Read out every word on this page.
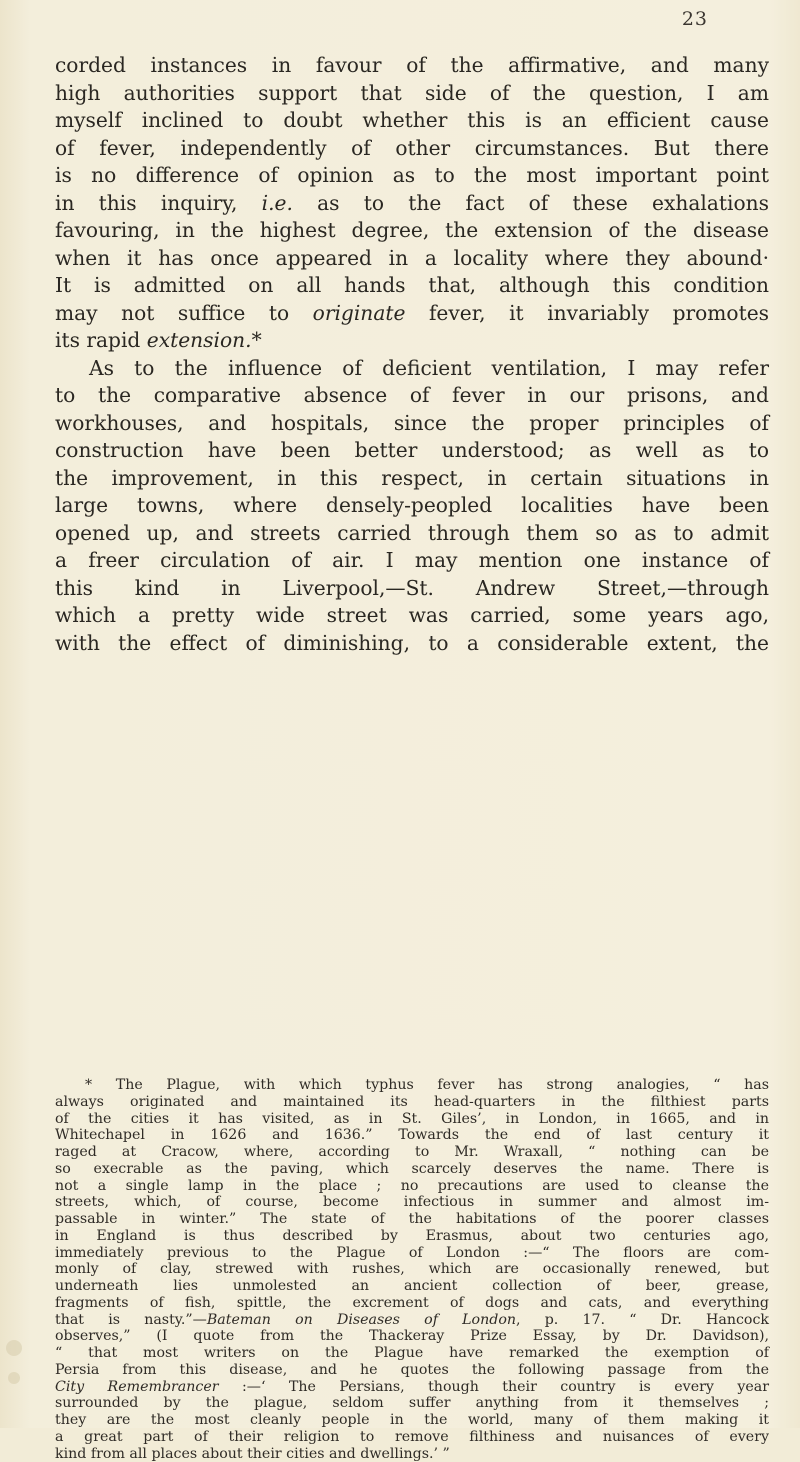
23
corded instances in favour of the affirmative, and many
high authorities support that side of the question, I am
myself inclined to doubt whether this is an efficient cause
of fever, independently of other circumstances. But there
is no difference of opinion as to the most important point
in this inquiry, i.e. as to the fact of these exhalations
favouring, in the highest degree, the extension of the disease
when it has once appeared in a locality where they abound·
It is admitted on all hands that, although this condition
may not suffice to originate fever, it invariably promotes
its rapid extension.*
As to the influence of deficient ventilation, I may refer
to the comparative absence of fever in our prisons, and
workhouses, and hospitals, since the proper principles of
construction have been better understood; as well as to
the improvement, in this respect, in certain situations in
large towns, where densely-peopled localities have been
opened up, and streets carried through them so as to admit
a freer circulation of air. I may mention one instance of
this kind in Liverpool,—St. Andrew Street,—through
which a pretty wide street was carried, some years ago,
with the effect of diminishing, to a considerable extent, the
* The Plague, with which typhus fever has strong analogies, “ has
always originated and maintained its head-quarters in the filthiest parts
of the cities it has visited, as in St. Giles’, in London, in 1665, and in
Whitechapel in 1626 and 1636.” Towards the end of last century it
raged at Cracow, where, according to Mr. Wraxall, “ nothing can be
so execrable as the paving, which scarcely deserves the name. There is
not a single lamp in the place ; no precautions are used to cleanse the
streets, which, of course, become infectious in summer and almost im-
passable in winter.” The state of the habitations of the poorer classes
in England is thus described by Erasmus, about two centuries ago,
immediately previous to the Plague of London :—“ The floors are com-
monly of clay, strewed with rushes, which are occasionally renewed, but
underneath lies unmolested an ancient collection of beer, grease,
fragments of fish, spittle, the excrement of dogs and cats, and everything
that is nasty.”—Bateman on Diseases of London, p. 17. “ Dr. Hancock
observes,” (I quote from the Thackeray Prize Essay, by Dr. Davidson),
“ that most writers on the Plague have remarked the exemption of
Persia from this disease, and he quotes the following passage from the
City Remembrancer :—‘ The Persians, though their country is every year
surrounded by the plague, seldom suffer anything from it themselves ;
they are the most cleanly people in the world, many of them making it
a great part of their religion to remove filthiness and nuisances of every
kind from all places about their cities and dwellings.’ ”
